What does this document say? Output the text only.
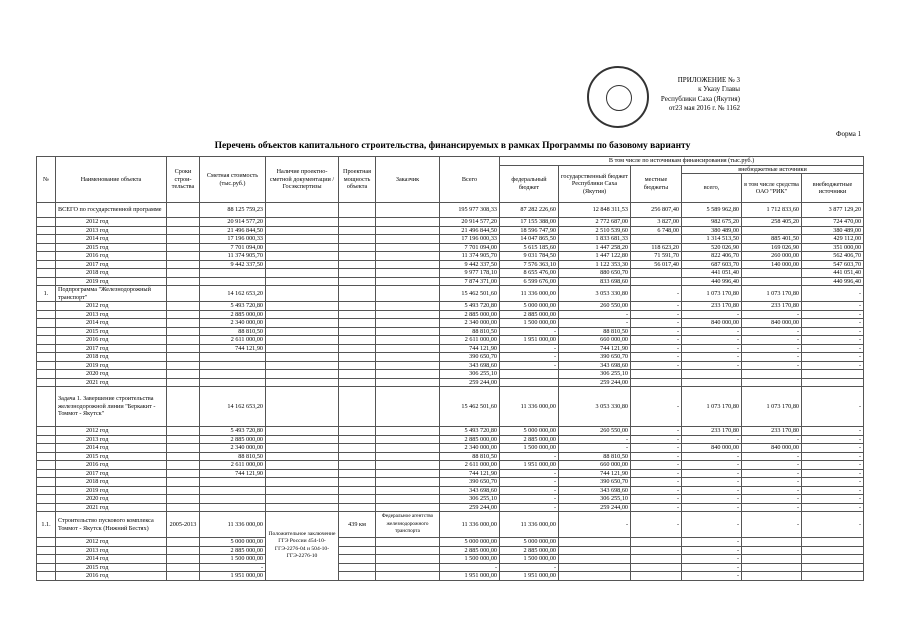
ПРИЛОЖЕНИЕ № 3
к Указу Главы
Республики Саха (Якутия)
от23 мая 2016 г. № 1162
Форма 1
Перечень объектов капитального строительства, финансируемых в рамках Программы по базовому варианту
№	Наименование объекта	Сроки строи-тельства	Сметная стоимость (тыс.руб.)	Наличие проектно-сметной документации / Госэкспертизы	Проектная мощность объекта	Заказчик	Всего	В том числе по источникам финансирования (тыс.руб.)					
								федеральный бюджет	государственный бюджет Республики Саха (Якутия)	местные бюджеты	внебюджетные источники		
											всего,	в том числе средства ОАО "РИК"	внебюджетные источники
	ВСЕГО по государственной программе		88 125 759,23				195 977 308,33	87 282 226,60	12 848 311,53	256 807,40	5 589 962,80	1 712 833,60	3 877 129,20
	2012 год		20 914 577,20				20 914 577,20	17 155 388,00	2 772 687,00	3 827,00	982 675,20	258 405,20	724 470,00
	2013 год		21 496 844,50				21 496 844,50	18 596 747,90	2 510 539,60	6 748,00	380 489,00		380 489,00
	2014 год		17 196 000,33				17 196 000,33	14 047 865,50	1 833 681,33		1 314 513,50	885 401,50	429 112,00
	2015 год		7 701 094,00				7 701 094,00	5 615 185,60	1 447 258,20	118 623,20	520 026,90	169 026,90	351 000,00
	2016 год		11 374 905,70				11 374 905,70	9 031 784,50	1 447 122,80	71 591,70	822 406,70	260 000,00	562 406,70
	2017 год		9 442 337,50				9 442 337,50	7 576 363,10	1 122 353,30	56 017,40	687 603,70	140 000,00	547 603,70
	2018 год						9 977 178,10	8 655 476,00	880 650,70		441 051,40		441 051,40
	2019 год						7 874 371,00	6 599 676,00	833 698,60		440 996,40		440 996,40
1.	Подпрограмма "Железнодорожный транспорт"		14 162 653,20				15 462 501,60	11 336 000,00	3 053 330,80	-	1 073 170,80	1 073 170,80	-
	2012 год		5 493 720,80				5 493 720,80	5 000 000,00	260 550,00	-	233 170,80	233 170,80	-
	2013 год		2 885 000,00				2 885 000,00	2 885 000,00	-	-	-	-	-
	2014 год		2 340 000,00				2 340 000,00	1 500 000,00	-	-	840 000,00	840 000,00	-
	2015 год		88 810,50				88 810,50	-	88 810,50	-	-	-	-
	2016 год		2 611 000,00				2 611 000,00	1 951 000,00	660 000,00	-	-	-	-
	2017 год		744 121,90				744 121,90	-	744 121,90	-	-	-	-
	2018 год						390 650,70	-	390 650,70	-	-	-	-
	2019 год						343 698,60	-	343 698,60	-	-	-	-
	2020 год						306 255,10		306 255,10				
	2021 год						259 244,00		259 244,00				
	Задача 1. Завершение строительства железнодорожной линии "Беркакит - Томмот - Якутск"		14 162 653,20				15 462 501,60	11 336 000,00	3 053 330,80	-	1 073 170,80	1 073 170,80	-
	2012 год		5 493 720,80				5 493 720,80	5 000 000,00	260 550,00	-	233 170,80	233 170,80	-
	2013 год		2 885 000,00				2 885 000,00	2 885 000,00	-	-	-	-	-
	2014 год		2 340 000,00				2 340 000,00	1 500 000,00	-	-	840 000,00	840 000,00	-
	2015 год		88 810,50				88 810,50	-	88 810,50	-	-	-	-
	2016 год		2 611 000,00				2 611 000,00	1 951 000,00	660 000,00	-	-	-	-
	2017 год		744 121,90				744 121,90	-	744 121,90	-	-	-	-
	2018 год						390 650,70	-	390 650,70	-	-	-	-
	2019 год						343 698,60	-	343 698,60	-	-	-	-
	2020 год						306 255,10	-	306 255,10	-	-	-	-
	2021 год						259 244,00	-	259 244,00	-	-	-	-
1.1.	Строительство пускового комплекса Томмот - Якутск (Нижний Бестях)	2005-2013	11 336 000,00	Положительное заключение ГГЭ России 454-10-ГГЭ-2276-04 и 504-10-ГГЭ-2276-10	439 км	Федеральное агентство железнодорожного транспорта	11 336 000,00	11 336 000,00	-	-	-	-	-
	2012 год		5 000 000,00				5 000 000,00	5 000 000,00			-		
	2013 год		2 885 000,00				2 885 000,00	2 885 000,00			-		
	2014 год		1 500 000,00				1 500 000,00	1 500 000,00			-		
	2015 год		-				-	-			-		
	2016 год		1 951 000,00				1 951 000,00	1 951 000,00			-		
